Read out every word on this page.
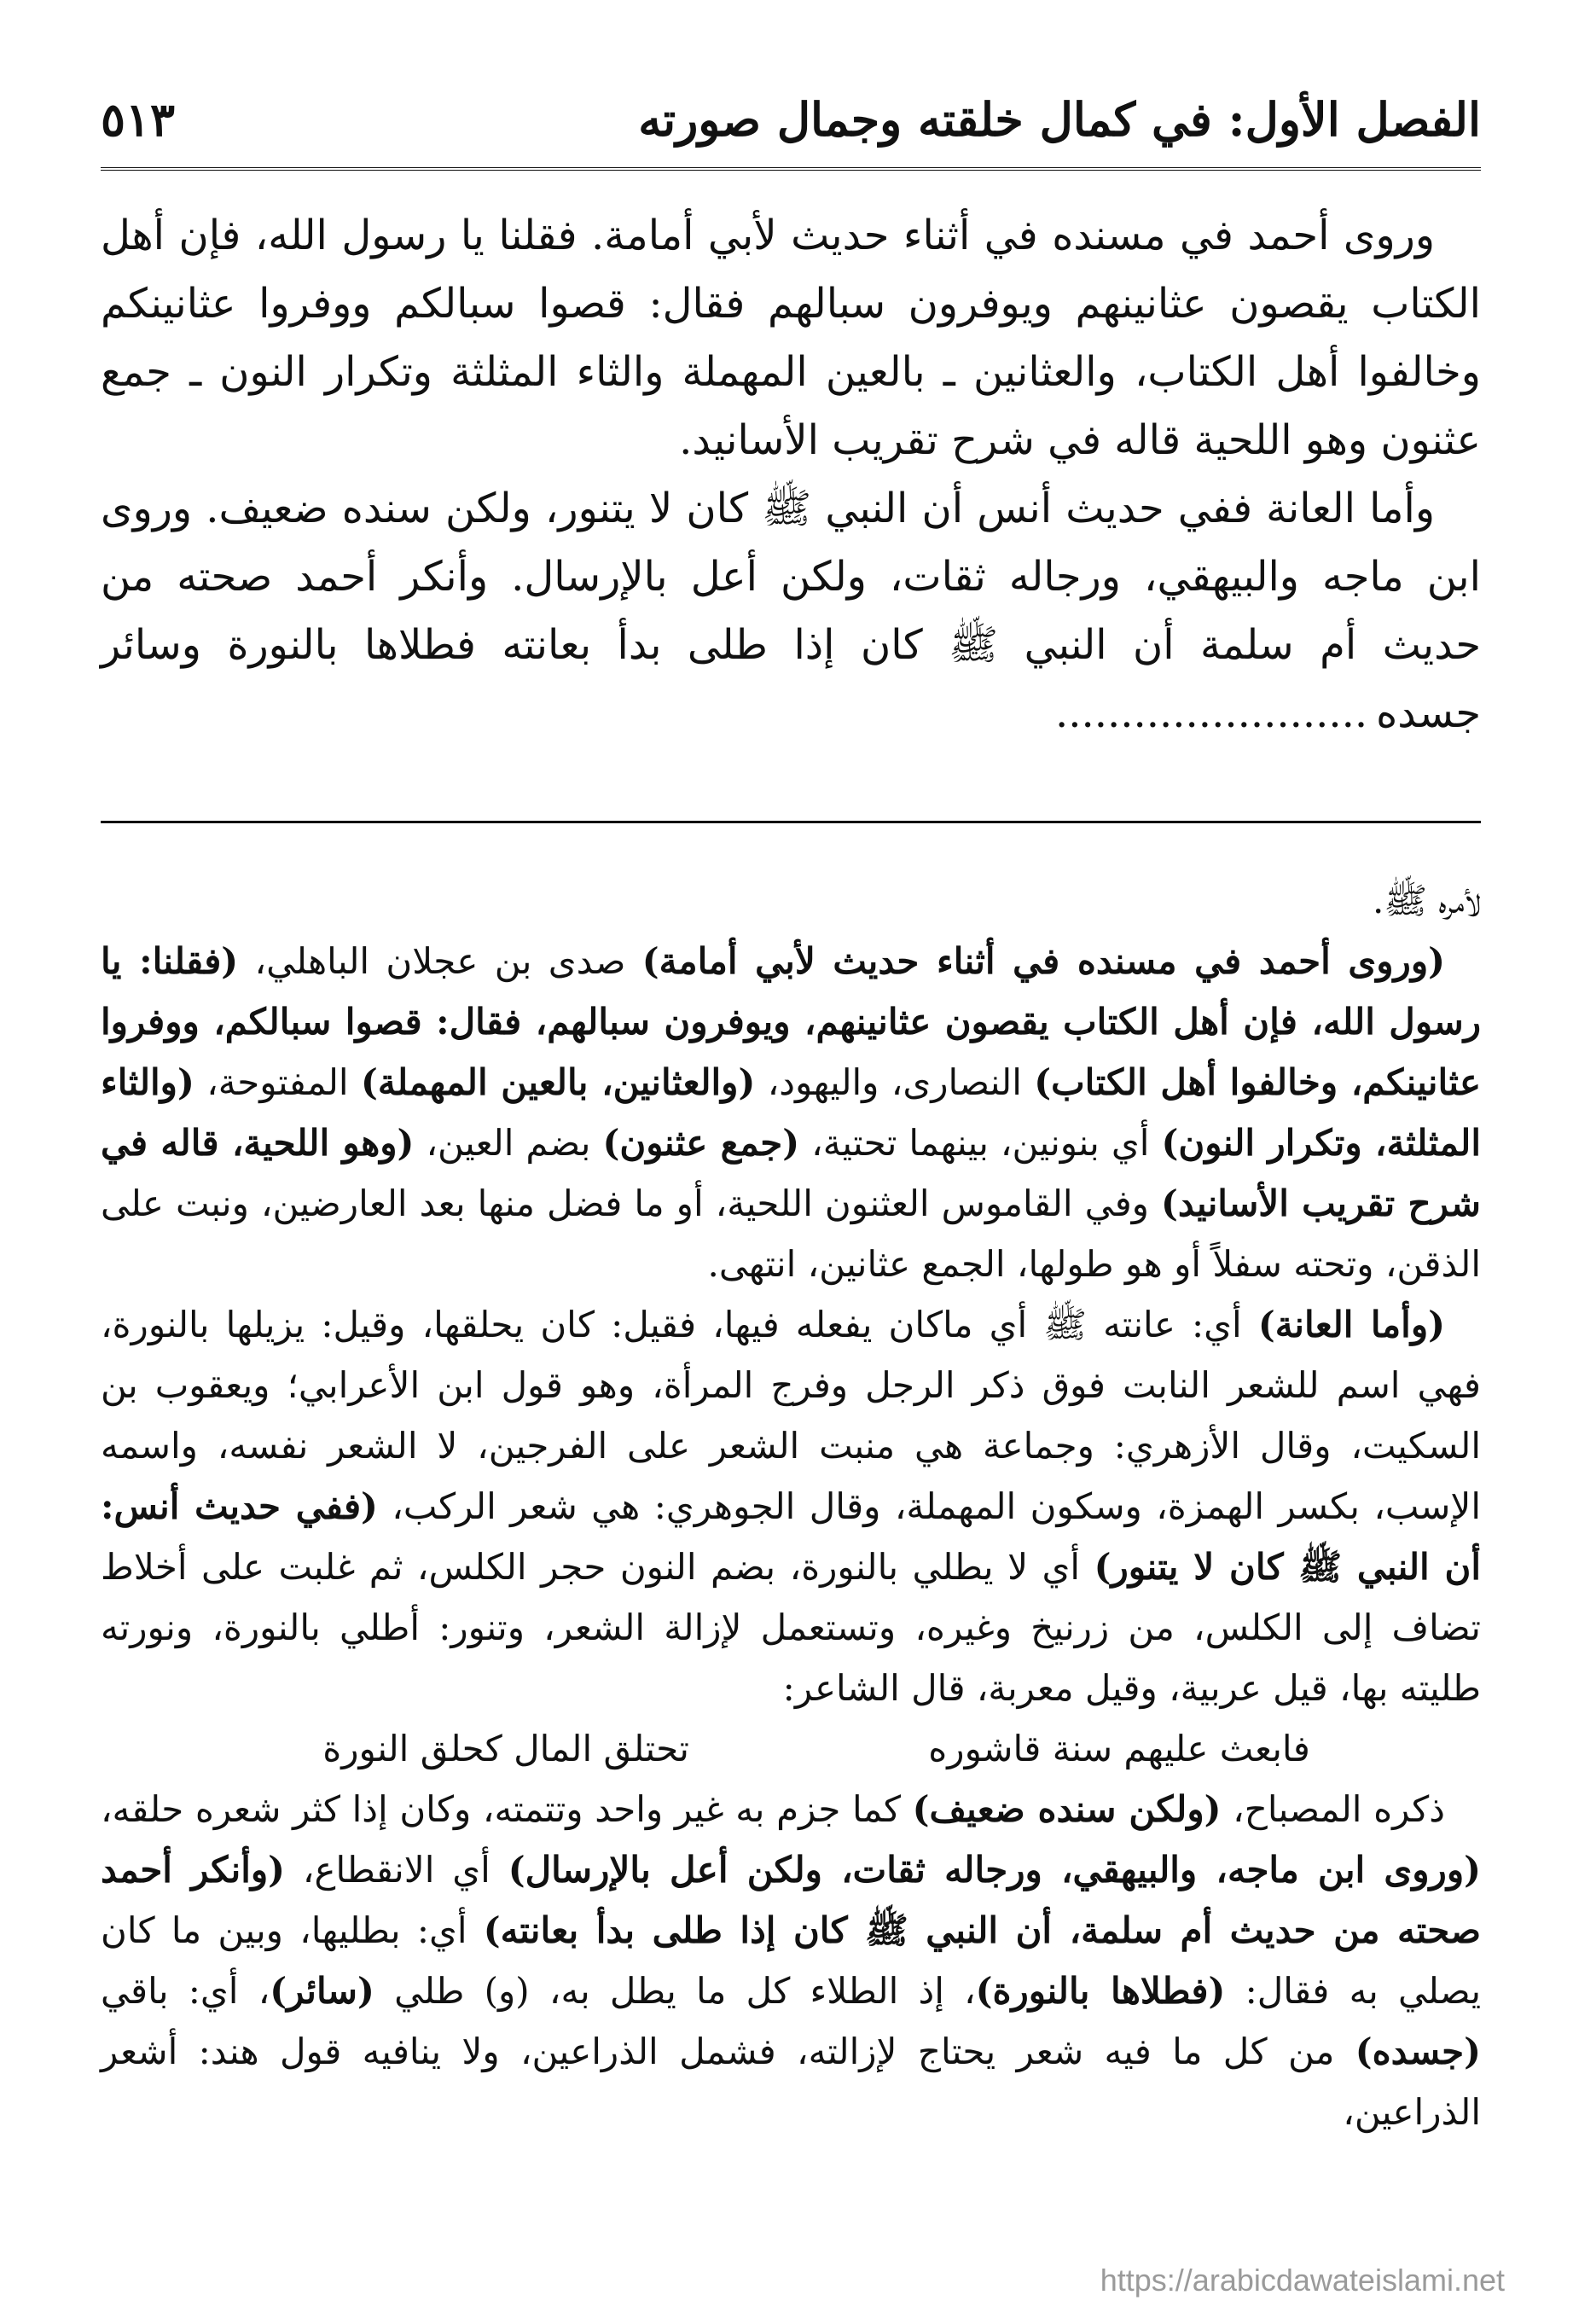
الفصل الأول: في كمال خلقته وجمال صورته
٥١٣

وروى أحمد في مسنده في أثناء حديث لأبي أمامة. فقلنا يا رسول الله، فإن أهل الكتاب يقصون عثانينهم ويوفرون سبالهم فقال: قصوا سبالكم ووفروا عثانينكم وخالفوا أهل الكتاب، والعثانين ـ بالعين المهملة والثاء المثلثة وتكرار النون ـ جمع عثنون وهو اللحية قاله في شرح تقريب الأسانيد.

وأما العانة ففي حديث أنس أن النبي ﷺ كان لا يتنور، ولكن سنده ضعيف. وروى ابن ماجه والبيهقي، ورجاله ثقات، ولكن أعل بالإرسال. وأنكر أحمد صحته من حديث أم سلمة أن النبي ﷺ كان إذا طلى بدأ بعانته فطلاها بالنورة وسائر جسده........................

لأمره ﷺ.

(وروى أحمد في مسنده في أثناء حديث لأبي أمامة) صدى بن عجلان الباهلي، (فقلنا: يا رسول الله، فإن أهل الكتاب يقصون عثانينهم، ويوفرون سبالهم، فقال: قصوا سبالكم، ووفروا عثانينكم، وخالفوا أهل الكتاب) النصارى، واليهود، (والعثانين، بالعين المهملة) المفتوحة، (والثاء المثلثة، وتكرار النون) أي بنونين، بينهما تحتية، (جمع عثنون) بضم العين، (وهو اللحية، قاله في شرح تقريب الأسانيد) وفي القاموس العثنون اللحية، أو ما فضل منها بعد العارضين، ونبت على الذقن، وتحته سفلاً أو هو طولها، الجمع عثانين، انتهى.

(وأما العانة) أي: عانته ﷺ أي ماكان يفعله فيها، فقيل: كان يحلقها، وقيل: يزيلها بالنورة، فهي اسم للشعر النابت فوق ذكر الرجل وفرج المرأة، وهو قول ابن الأعرابي؛ ويعقوب بن السكيت، وقال الأزهري: وجماعة هي منبت الشعر على الفرجين، لا الشعر نفسه، واسمه الإسب، بكسر الهمزة، وسكون المهملة، وقال الجوهري: هي شعر الركب، (ففي حديث أنس: أن النبي ﷺ كان لا يتنور) أي لا يطلي بالنورة، بضم النون حجر الكلس، ثم غلبت على أخلاط تضاف إلى الكلس، من زرنيخ وغيره، وتستعمل لإزالة الشعر، وتنور: أطلي بالنورة، ونورته طليته بها، قيل عربية، وقيل معربة، قال الشاعر:

فابعث عليهم سنة قاشوره
تحتلق المال كحلق النورة

ذكره المصباح، (ولكن سنده ضعيف) كما جزم به غير واحد وتتمته، وكان إذا كثر شعره حلقه، (وروى ابن ماجه، والبيهقي، ورجاله ثقات، ولكن أعل بالإرسال) أي الانقطاع، (وأنكر أحمد صحته من حديث أم سلمة، أن النبي ﷺ كان إذا طلى بدأ بعانته) أي: بطليها، وبين ما كان يصلي به فقال: (فطلاها بالنورة)، إذ الطلاء كل ما يطل به، (و) طلي (سائر)، أي: باقي (جسده) من كل ما فيه شعر يحتاج لإزالته، فشمل الذراعين، ولا ينافيه قول هند: أشعر الذراعين،

https://arabicdawateislami.net
